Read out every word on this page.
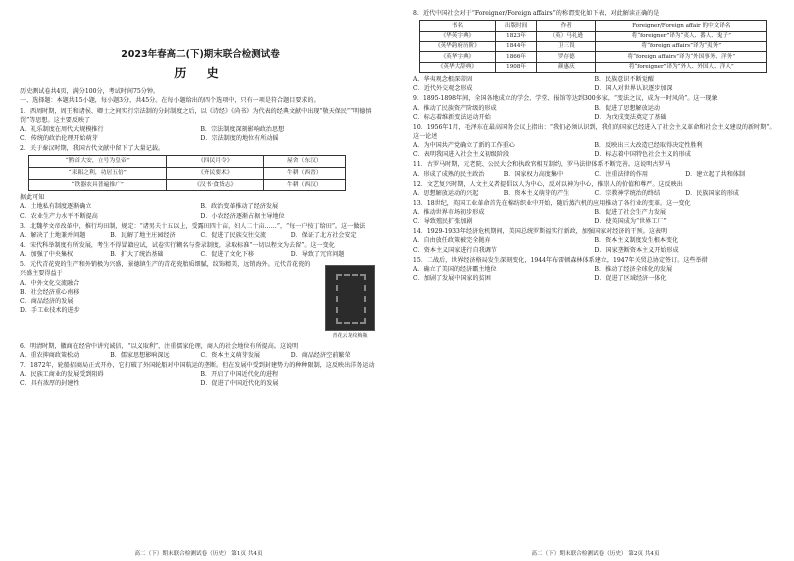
2023年春高二(下)期末联合检测试卷
历 史

历史测试卷共4页，满分100分，考试时间75分钟。

一、选择题：本题共15小题，每小题3分，共45分。在每小题给出的四个选项中，只有一项是符合题目要求的。

1．西周时期，周王和诸侯、卿士之间实行宗法制的分封制度之后，以《诗经》《尚书》为代表的经典文献中出现“敬天保民”“明德慎罚”等思想。这主要反映了

A．礼乐制度在周代大规模推行	B．宗法制度深刻影响政治思想
C．传统的政治伦理开始萌芽	D．宗法制度的地位有所动摇

2．关于秦汉时期，我国古代文献中留下了大量记载。

“黔首大安，立号为皇帝”	《四民月令》	屋舍（东汉）
“耒耜之利，功居五倍”	《齐民要术》	牛耕（西晋）
“铁器农具普遍推广”	《汉书·食货志》	牛耕（西汉）

据此可知

A．土地私有制度逐渐确立	B．政治变革推动了经济发展
C．农业生产力水平不断提高	D．小农经济逐渐占据主导地位

3．北魏孝文帝改革中，推行均田制，规定：“诸男夫十五以上，受露田四十亩，妇人二十亩……”，“每一户按丁给田”。这一做法

A．解决了土地兼并问题	B．瓦解了地主庄园经济	C．促进了民族交往交流	D．保证了北方社会安定

4．宋代科举制度有所发展，考生不得冒籍应试，试卷实行糊名与誊录制度，录取标准“一切以程文为去留”。这一变化

A．加强了中央集权	B．扩大了统治基础	C．促进了文化下移	D．导致了冗官问题

5．元代青花瓷的生产和外销极为兴盛，景德镇生产的青花瓷胎质细腻，纹饰精美，远销海外。元代青花瓷的兴盛主要得益于

A．中外文化交流融合
B．社会经济重心南移
C．商品经济的发展
D．手工业技术的进步
青花云龙纹梅瓶

6．明清时期，徽商在经营中讲究诚信，“以义取利”，注重儒家伦理，商人的社会地位有所提高。这说明

A．重农抑商政策松动	B．儒家思想影响深远	C．资本主义萌芽发展	D．商品经济空前繁荣

7．1872年，轮船招商局正式开办，它打破了外国轮船对中国航运的垄断。但在发展中受到封建势力的种种限制，这反映出洋务运动

A．民族工商业的发展受到阻碍	B．开启了中国近代化的进程
C．具有浓厚的封建性	D．促进了中国近代化的发展
高二（下）期末联合检测试卷（历史） 第1页 共4页

8．近代中国社会对于“Foreigner/Foreign affairs”的称谓变化如下表，对此解读正确的是

书名	出版时间	作者	Foreigner/Foreign affair 的中文译名
《华英字典》	1823年	（英）马礼逊	将“foreigner”译为“夷人、番人、鬼子”
《英华韵府历阶》	1844年	卫三畏	将“foreign affairs”译为“夷务”
《英华字典》	1866年	罗存德	将“foreign affairs”译为“外国事务、洋务”
《英华大辞典》	1908年	颜惠庆	将“foreigner”译为“外人、外国人、洋人”
A．华夷观念根深蒂固	B．民族意识不断觉醒
C．近代外交观念形成	D．国人对世界认识逐步加深

9．1895-1898年间，全国各地成立的学会、学堂、报馆等达到300多家，“变法之议，成为一时风尚”。这一现象

A．推动了民族资产阶级的形成	B．促进了思想解放运动
C．标志着维新变法运动开始	D．为戊戌变法奠定了基础

10．1956年1月，毛泽东在最高国务会议上指出：“我们必须认识到，我们的国家已经进入了社会主义革命和社会主义建设的新时期”。这一论述

A．为中国共产党确立了新的工作重心	B．反映出三大改造已经取得决定性胜利
C．表明我国进入社会主义初级阶段	D．标志着中国特色社会主义的形成

11．古罗马时期，元老院、公民大会和执政官相互制约，罗马法律体系不断完善。这说明古罗马

A．形成了成熟的民主政治	B．国家权力高度集中	C．注重法律的作用	D．建立起了共和体制

12．文艺复兴时期，人文主义者提倡以人为中心，反对以神为中心，推崇人的价值和尊严。这反映出

A．思想解放运动的兴起	B．资本主义萌芽的产生	C．宗教神学统治的终结	D．民族国家的形成

13．18世纪，英国工业革命首先在棉纺织业中开始，随后蒸汽机的应用推动了各行业的变革。这一变化

A．推动世界市场初步形成	B．促进了社会生产力发展
C．导致殖民扩张加剧	D．使英国成为“世界工厂”

14．1929-1933年经济危机期间，美国总统罗斯福实行新政，加强国家对经济的干预。这表明

A．自由放任政策被完全抛弃	B．资本主义制度发生根本变化
C．资本主义国家进行自我调节	D．国家垄断资本主义开始形成

15．二战后，世界经济格局发生深刻变化，1944年布雷顿森林体系建立，1947年关贸总协定签订。这些举措

A．确立了美国的经济霸主地位	B．推动了经济全球化的发展
C．加剧了发展中国家的贫困	D．促进了区域经济一体化
高二（下）期末联合检测试卷（历史） 第2页 共4页
